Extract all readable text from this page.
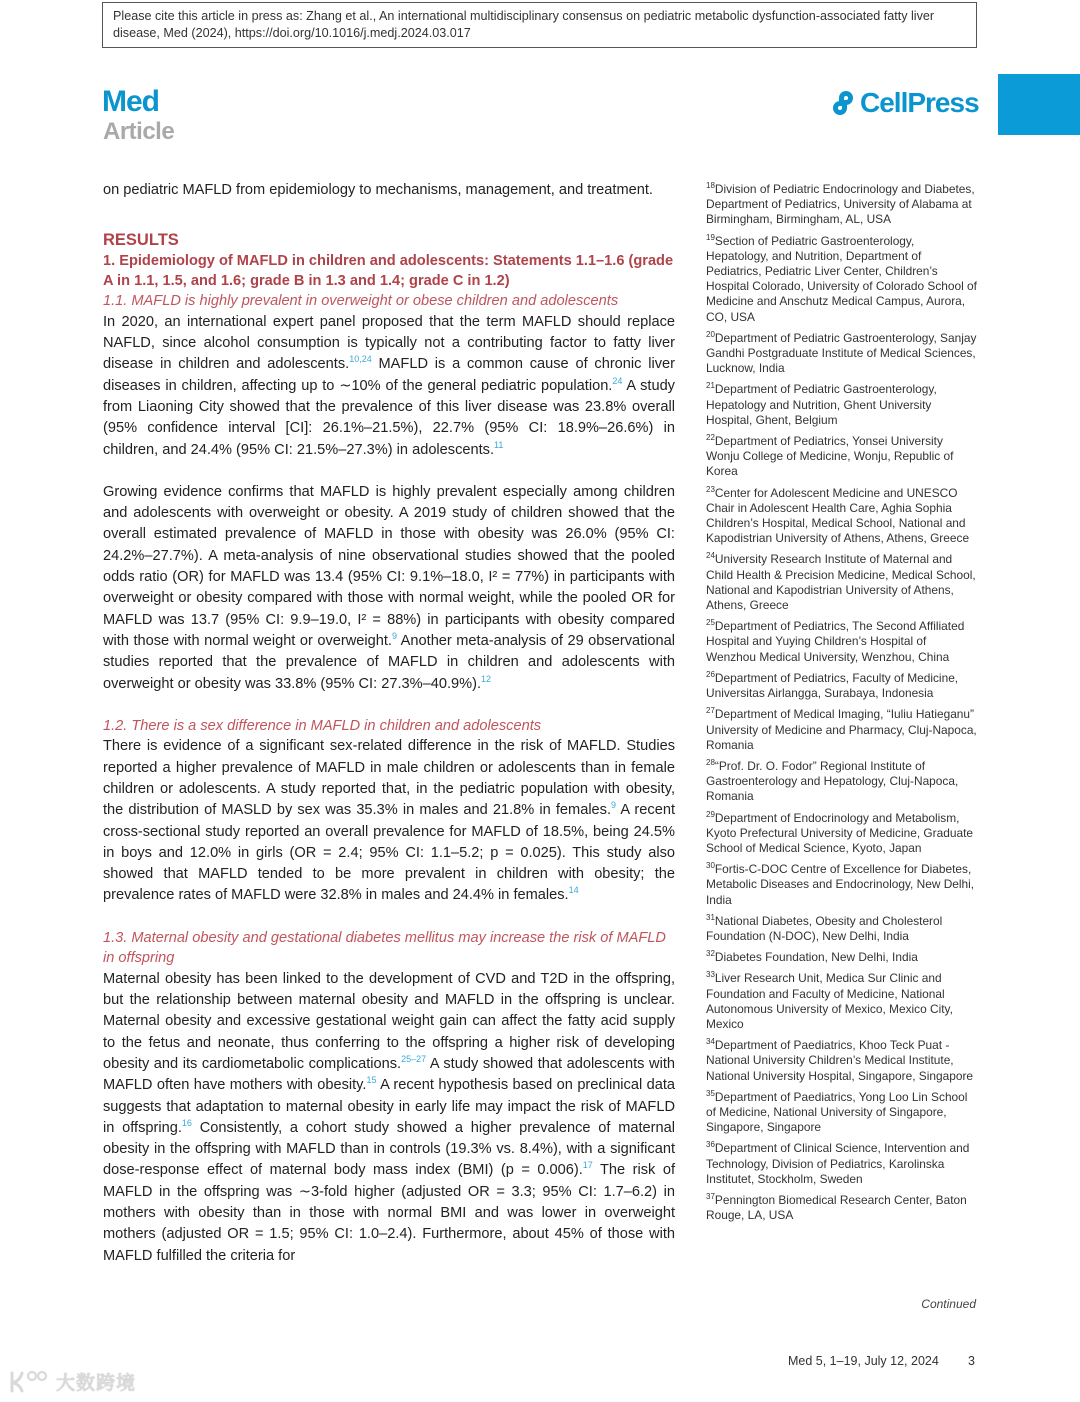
Please cite this article in press as: Zhang et al., An international multidisciplinary consensus on pediatric metabolic dysfunction-associated fatty liver disease, Med (2024), https://doi.org/10.1016/j.medj.2024.03.017
Med
Article
CellPress

on pediatric MAFLD from epidemiology to mechanisms, management, and treatment.

RESULTS
1. Epidemiology of MAFLD in children and adolescents: Statements 1.1–1.6 (grade A in 1.1, 1.5, and 1.6; grade B in 1.3 and 1.4; grade C in 1.2)
1.1. MAFLD is highly prevalent in overweight or obese children and adolescents

In 2020, an international expert panel proposed that the term MAFLD should replace NAFLD, since alcohol consumption is typically not a contributing factor to fatty liver disease in children and adolescents.$^{10,24}$ MAFLD is a common cause of chronic liver diseases in children, affecting up to ∼10% of the general pediatric population.$^{24}$ A study from Liaoning City showed that the prevalence of this liver disease was 23.8% overall (95% confidence interval [CI]: 26.1%–21.5%), 22.7% (95% CI: 18.9%–26.6%) in children, and 24.4% (95% CI: 21.5%–27.3%) in adolescents.$^{11}$

Growing evidence confirms that MAFLD is highly prevalent especially among children and adolescents with overweight or obesity. A 2019 study of children showed that the overall estimated prevalence of MAFLD in those with obesity was 26.0% (95% CI: 24.2%–27.7%). A meta-analysis of nine observational studies showed that the pooled odds ratio (OR) for MAFLD was 13.4 (95% CI: 9.1%–18.0, I² = 77%) in participants with overweight or obesity compared with those with normal weight, while the pooled OR for MAFLD was 13.7 (95% CI: 9.9–19.0, I² = 88%) in participants with obesity compared with those with normal weight or overweight.$^9$ Another meta-analysis of 29 observational studies reported that the prevalence of MAFLD in children and adolescents with overweight or obesity was 33.8% (95% CI: 27.3%–40.9%).$^{12}$

1.2. There is a sex difference in MAFLD in children and adolescents

There is evidence of a significant sex-related difference in the risk of MAFLD. Studies reported a higher prevalence of MAFLD in male children or adolescents than in female children or adolescents. A study reported that, in the pediatric population with obesity, the distribution of MASLD by sex was 35.3% in males and 21.8% in females.$^9$ A recent cross-sectional study reported an overall prevalence for MAFLD of 18.5%, being 24.5% in boys and 12.0% in girls (OR = 2.4; 95% CI: 1.1–5.2; p = 0.025). This study also showed that MAFLD tended to be more prevalent in children with obesity; the prevalence rates of MAFLD were 32.8% in males and 24.4% in females.$^{14}$

1.3. Maternal obesity and gestational diabetes mellitus may increase the risk of MAFLD in offspring

Maternal obesity has been linked to the development of CVD and T2D in the offspring, but the relationship between maternal obesity and MAFLD in the offspring is unclear. Maternal obesity and excessive gestational weight gain can affect the fatty acid supply to the fetus and neonate, thus conferring to the offspring a higher risk of developing obesity and its cardiometabolic complications.$^{25-27}$ A study showed that adolescents with MAFLD often have mothers with obesity.$^{15}$ A recent hypothesis based on preclinical data suggests that adaptation to maternal obesity in early life may impact the risk of MAFLD in offspring.$^{16}$ Consistently, a cohort study showed a higher prevalence of maternal obesity in the offspring with MAFLD than in controls (19.3% vs. 8.4%), with a significant dose-response effect of maternal body mass index (BMI) (p = 0.006).$^{17}$ The risk of MAFLD in the offspring was ∼3-fold higher (adjusted OR = 3.3; 95% CI: 1.7–6.2) in mothers with obesity than in those with normal BMI and was lower in overweight mothers (adjusted OR = 1.5; 95% CI: 1.0–2.4). Furthermore, about 45% of those with MAFLD fulfilled the criteria for

$^{18}$Division of Pediatric Endocrinology and Diabetes, Department of Pediatrics, University of Alabama at Birmingham, Birmingham, AL, USA
$^{19}$Section of Pediatric Gastroenterology, Hepatology, and Nutrition, Department of Pediatrics, Pediatric Liver Center, Children’s Hospital Colorado, University of Colorado School of Medicine and Anschutz Medical Campus, Aurora, CO, USA
$^{20}$Department of Pediatric Gastroenterology, Sanjay Gandhi Postgraduate Institute of Medical Sciences, Lucknow, India
$^{21}$Department of Pediatric Gastroenterology, Hepatology and Nutrition, Ghent University Hospital, Ghent, Belgium
$^{22}$Department of Pediatrics, Yonsei University Wonju College of Medicine, Wonju, Republic of Korea
$^{23}$Center for Adolescent Medicine and UNESCO Chair in Adolescent Health Care, Aghia Sophia Children’s Hospital, Medical School, National and Kapodistrian University of Athens, Athens, Greece
$^{24}$University Research Institute of Maternal and Child Health & Precision Medicine, Medical School, National and Kapodistrian University of Athens, Athens, Greece
$^{25}$Department of Pediatrics, The Second Affiliated Hospital and Yuying Children’s Hospital of Wenzhou Medical University, Wenzhou, China
$^{26}$Department of Pediatrics, Faculty of Medicine, Universitas Airlangga, Surabaya, Indonesia
$^{27}$Department of Medical Imaging, “Iuliu Hatieganu” University of Medicine and Pharmacy, Cluj-Napoca, Romania
$^{28}$“Prof. Dr. O. Fodor” Regional Institute of Gastroenterology and Hepatology, Cluj-Napoca, Romania
$^{29}$Department of Endocrinology and Metabolism, Kyoto Prefectural University of Medicine, Graduate School of Medical Science, Kyoto, Japan
$^{30}$Fortis-C-DOC Centre of Excellence for Diabetes, Metabolic Diseases and Endocrinology, New Delhi, India
$^{31}$National Diabetes, Obesity and Cholesterol Foundation (N-DOC), New Delhi, India
$^{32}$Diabetes Foundation, New Delhi, India
$^{33}$Liver Research Unit, Medica Sur Clinic and Foundation and Faculty of Medicine, National Autonomous University of Mexico, Mexico City, Mexico
$^{34}$Department of Paediatrics, Khoo Teck Puat - National University Children’s Medical Institute, National University Hospital, Singapore, Singapore
$^{35}$Department of Paediatrics, Yong Loo Lin School of Medicine, National University of Singapore, Singapore, Singapore
$^{36}$Department of Clinical Science, Intervention and Technology, Division of Pediatrics, Karolinska Institutet, Stockholm, Sweden
$^{37}$Pennington Biomedical Research Center, Baton Rouge, LA, USA
Continued
Med 5, 1–19, July 12, 2024 3
大数跨境
